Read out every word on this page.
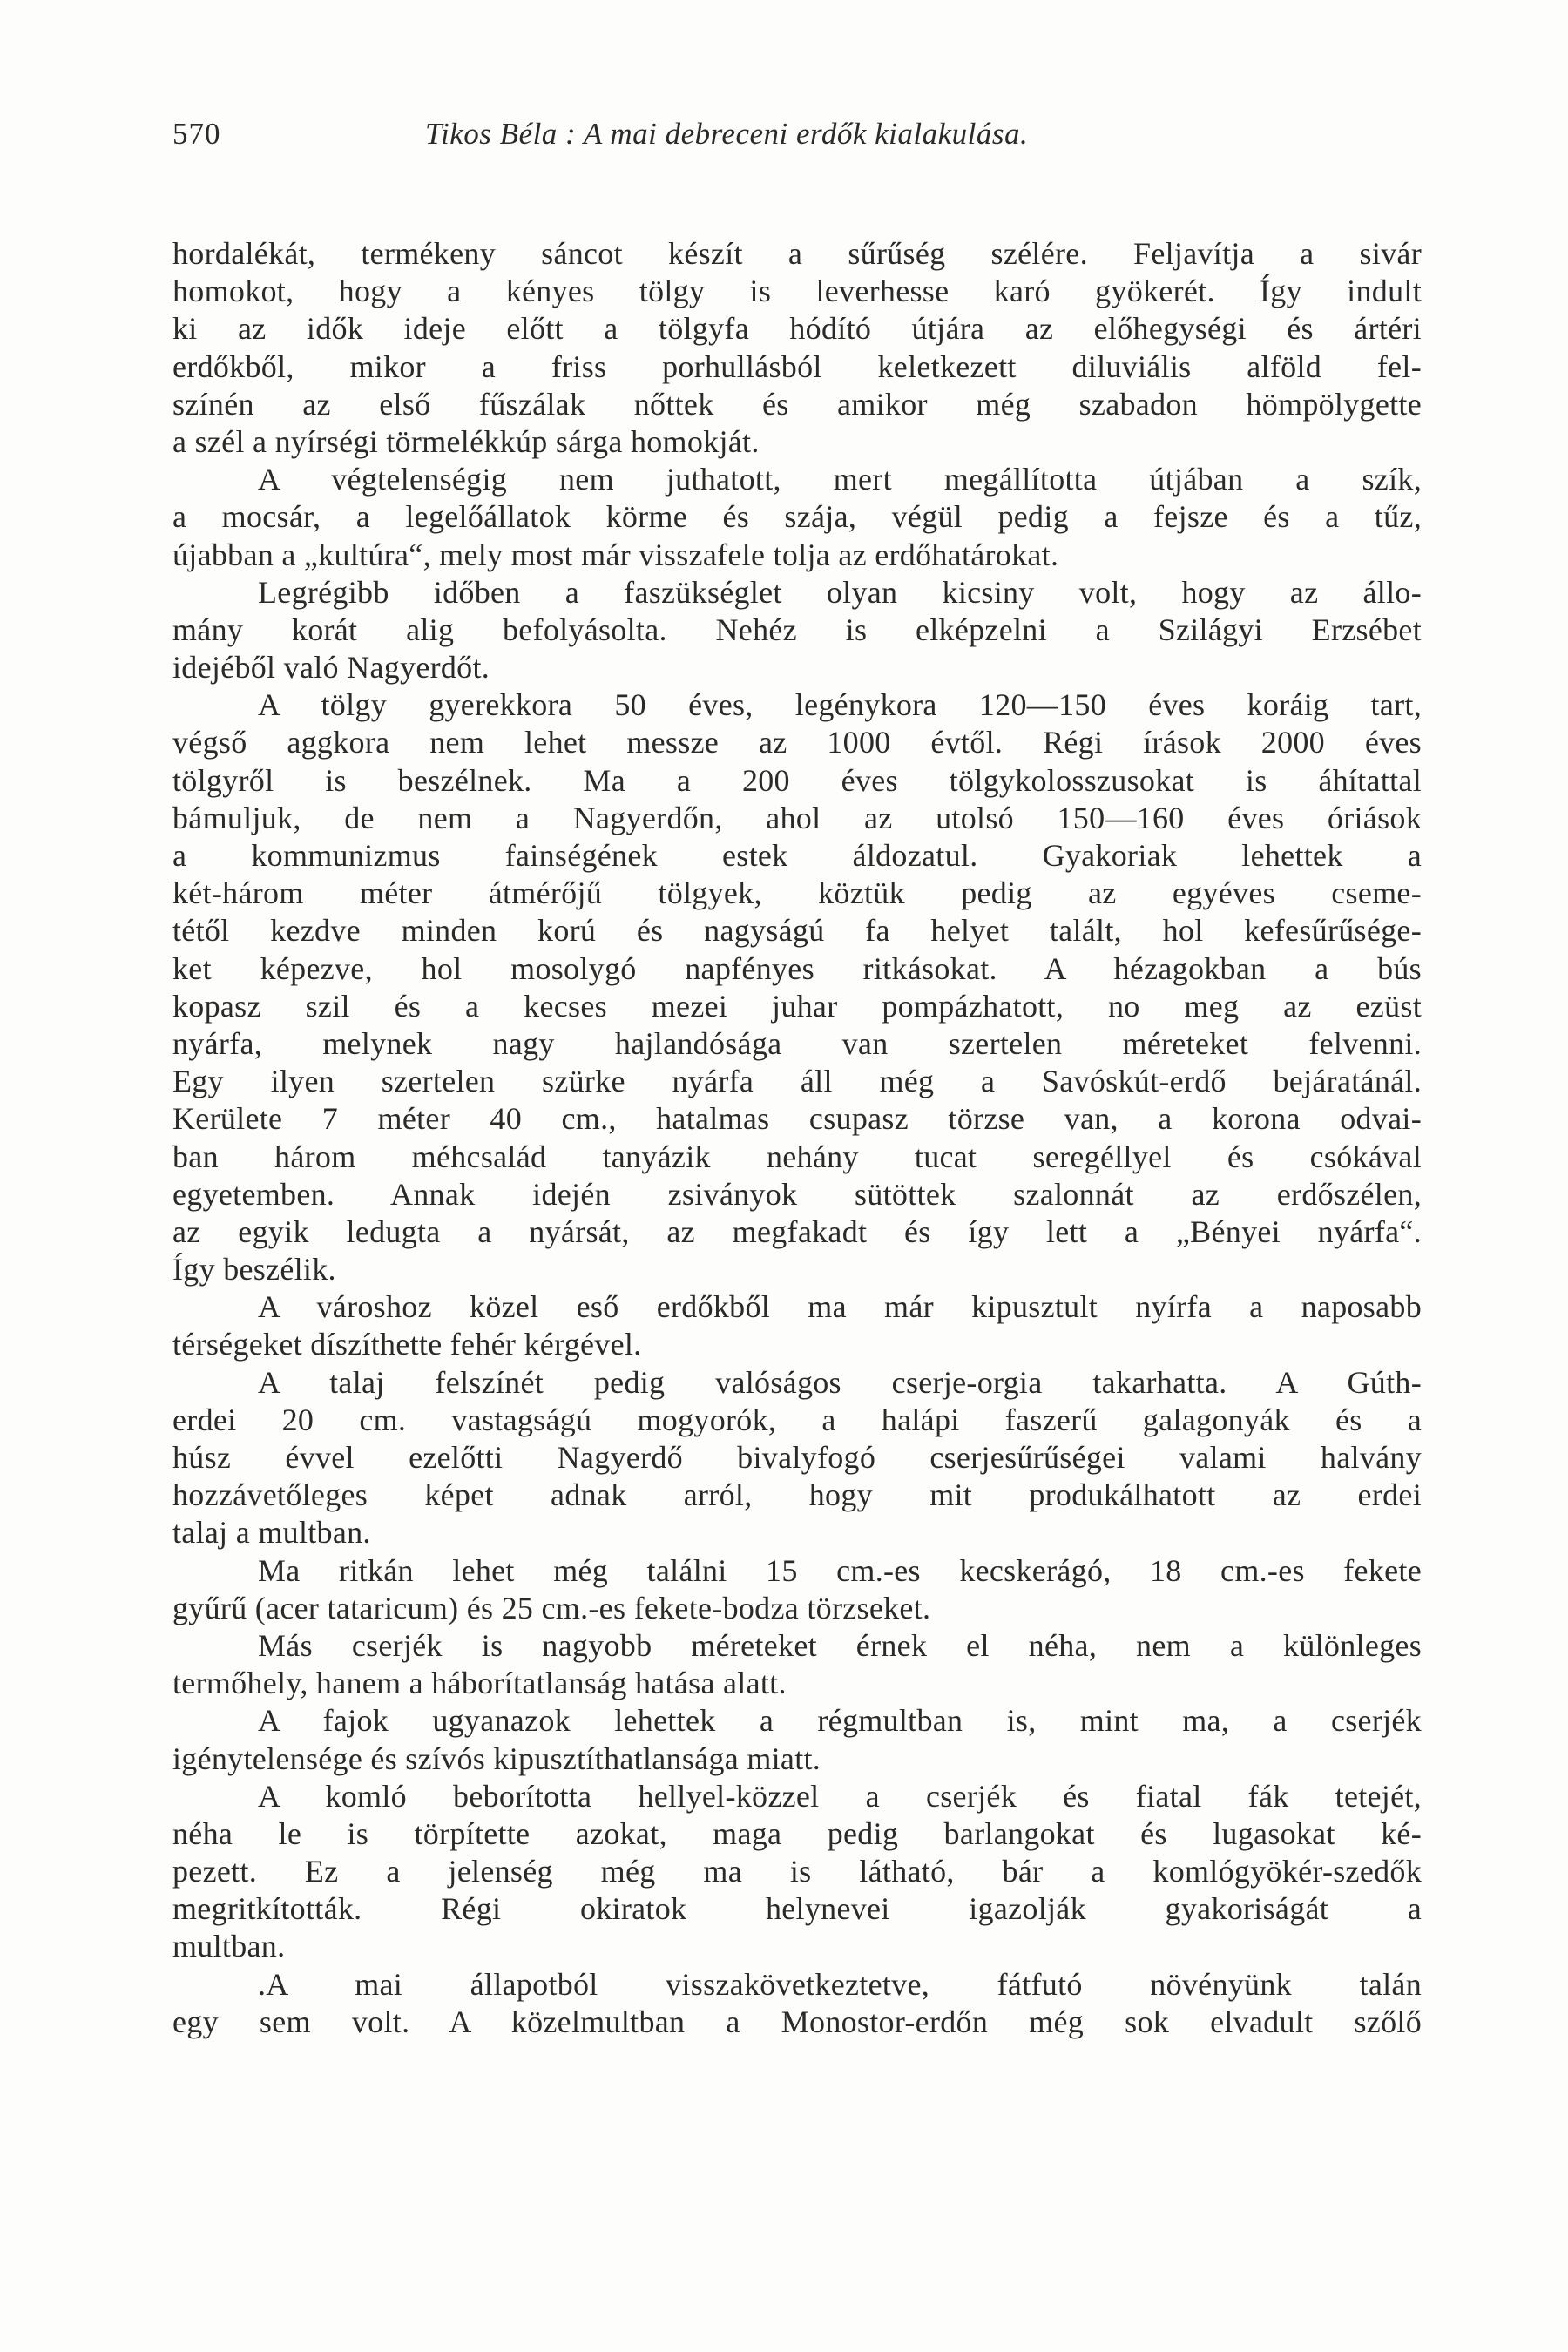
570	Tikos Béla : A mai debreceni erdők kialakulása.
hordalékát, termékeny sáncot készít a sűrűség szélére. Feljavítja a sivár
homokot, hogy a kényes tölgy is leverhesse karó gyökerét. Így indult
ki az idők ideje előtt a tölgyfa hódító útjára az előhegységi és ártéri
erdőkből, mikor a friss porhullásból keletkezett diluviális alföld fel-
színén az első fűszálak nőttek és amikor még szabadon hömpölygette
a szél a nyírségi törmelékkúp sárga homokját.
A végtelenségig nem juthatott, mert megállította útjában a szík,
a mocsár, a legelőállatok körme és szája, végül pedig a fejsze és a tűz,
újabban a „kultúra“, mely most már visszafele tolja az erdőhatárokat.
Legrégibb időben a faszükséglet olyan kicsiny volt, hogy az állo-
mány korát alig befolyásolta. Nehéz is elképzelni a Szilágyi Erzsébet
idejéből való Nagyerdőt.
A tölgy gyerekkora 50 éves, legénykora 120—150 éves koráig tart,
végső aggkora nem lehet messze az 1000 évtől. Régi írások 2000 éves
tölgyről is beszélnek. Ma a 200 éves tölgykolosszusokat is áhítattal
bámuljuk, de nem a Nagyerdőn, ahol az utolsó 150—160 éves óriások
a kommunizmus fainségének estek áldozatul. Gyakoriak lehettek a
két-három méter átmérőjű tölgyek, köztük pedig az egyéves cseme-
tétől kezdve minden korú és nagyságú fa helyet talált, hol kefesűrűsége-
ket képezve, hol mosolygó napfényes ritkásokat. A hézagokban a bús
kopasz szil és a kecses mezei juhar pompázhatott, no meg az ezüst
nyárfa, melynek nagy hajlandósága van szertelen méreteket felvenni.
Egy ilyen szertelen szürke nyárfa áll még a Savóskút-erdő bejáratánál.
Kerülete 7 méter 40 cm., hatalmas csupasz törzse van, a korona odvai-
ban három méhcsalád tanyázik nehány tucat seregéllyel és csókával
egyetemben. Annak idején zsiványok sütöttek szalonnát az erdőszélen,
az egyik ledugta a nyársát, az megfakadt és így lett a „Bényei nyárfa“.
Így beszélik.
A városhoz közel eső erdőkből ma már kipusztult nyírfa a naposabb
térségeket díszíthette fehér kérgével.
A talaj felszínét pedig valóságos cserje-orgia takarhatta. A Gúth-
erdei 20 cm. vastagságú mogyorók, a halápi faszerű galagonyák és a
húsz évvel ezelőtti Nagyerdő bivalyfogó cserjesűrűségei valami halvány
hozzávetőleges képet adnak arról, hogy mit produkálhatott az erdei
talaj a multban.
Ma ritkán lehet még találni 15 cm.-es kecskerágó, 18 cm.-es fekete
gyűrű (acer tataricum) és 25 cm.-es fekete-bodza törzseket.
Más cserjék is nagyobb méreteket érnek el néha, nem a különleges
termőhely, hanem a háborítatlanság hatása alatt.
A fajok ugyanazok lehettek a régmultban is, mint ma, a cserjék
igénytelensége és szívós kipusztíthatlansága miatt.
A komló beborította hellyel-közzel a cserjék és fiatal fák tetejét,
néha le is törpítette azokat, maga pedig barlangokat és lugasokat ké-
pezett. Ez a jelenség még ma is látható, bár a komlógyökér-szedők
megritkították. Régi okiratok helynevei igazolják gyakoriságát a
multban.
.A mai állapotból visszakövetkeztetve, fátfutó növényünk talán
egy sem volt. A közelmultban a Monostor-erdőn még sok elvadult szőlő
